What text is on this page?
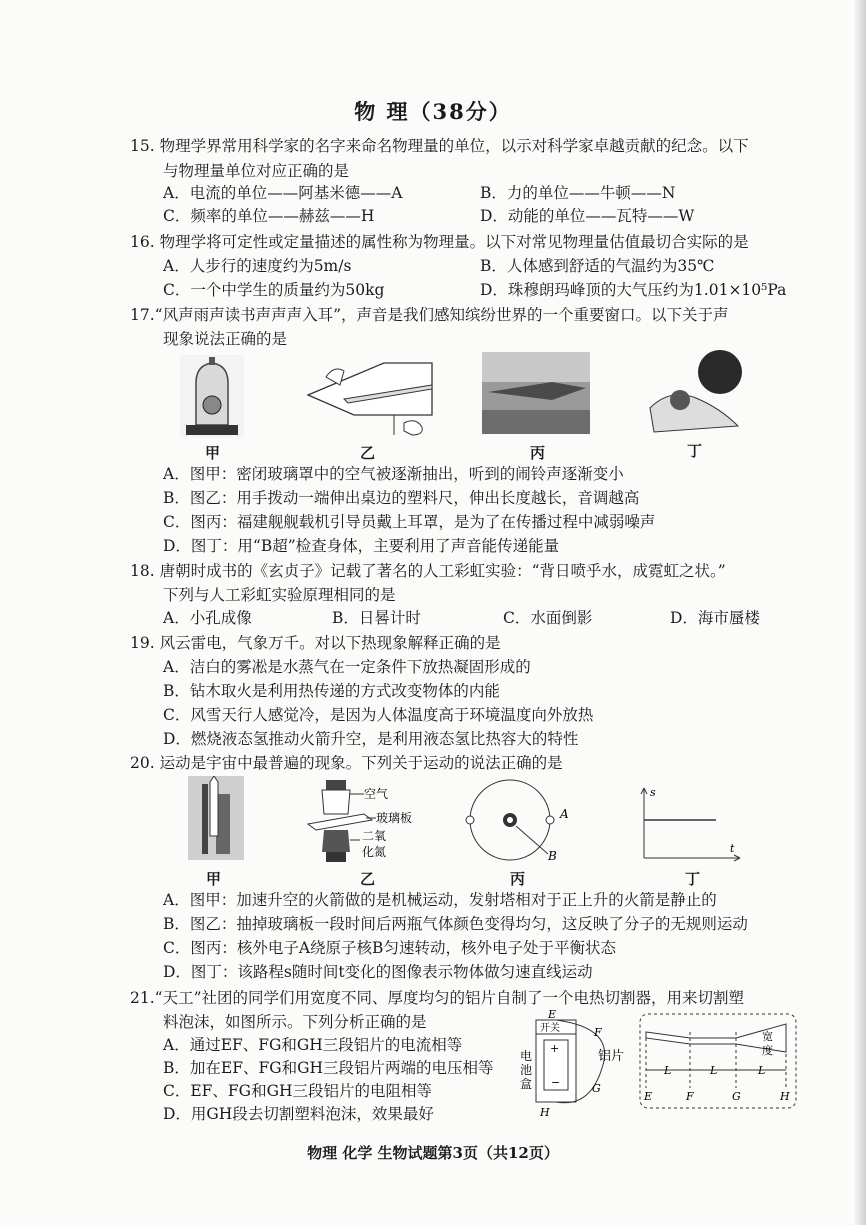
物 理（38分）
15. 物理学界常用科学家的名字来命名物理量的单位，以示对科学家卓越贡献的纪念。以下
与物理量单位对应正确的是
A．电流的单位——阿基米德——A	B．力的单位——牛顿——N
C．频率的单位——赫兹——H	D．动能的单位——瓦特——W
16. 物理学将可定性或定量描述的属性称为物理量。以下对常见物理量估值最切合实际的是
A．人步行的速度约为5m/s	B．人体感到舒适的气温约为35℃
C．一个中学生的质量约为50kg	D．珠穆朗玛峰顶的大气压约为1.01×10⁵Pa
17.“风声雨声读书声声声入耳”，声音是我们感知缤纷世界的一个重要窗口。以下关于声
现象说法正确的是
甲	乙	丙	丁
A．图甲：密闭玻璃罩中的空气被逐渐抽出，听到的闹铃声逐渐变小
B．图乙：用手拨动一端伸出桌边的塑料尺，伸出长度越长，音调越高
C．图丙：福建舰舰载机引导员戴上耳罩，是为了在传播过程中减弱噪声
D．图丁：用“B超”检查身体，主要利用了声音能传递能量
18. 唐朝时成书的《玄贞子》记载了著名的人工彩虹实验：“背日喷乎水，成霓虹之状。”
下列与人工彩虹实验原理相同的是
A．小孔成像	B．日晷计时	C．水面倒影	D．海市蜃楼
19. 风云雷电，气象万千。对以下热现象解释正确的是
A．洁白的雾凇是水蒸气在一定条件下放热凝固形成的
B．钻木取火是利用热传递的方式改变物体的内能
C．风雪天行人感觉冷，是因为人体温度高于环境温度向外放热
D．燃烧液态氢推动火箭升空，是利用液态氢比热容大的特性
20. 运动是宇宙中最普遍的现象。下列关于运动的说法正确的是
空气
玻璃板
二氧
化氮
A
B
s
t
甲	乙	丙	丁
A．图甲：加速升空的火箭做的是机械运动，发射塔相对于正上升的火箭是静止的
B．图乙：抽掉玻璃板一段时间后两瓶气体颜色变得均匀，这反映了分子的无规则运动
C．图丙：核外电子A绕原子核B匀速转动，核外电子处于平衡状态
D．图丁：该路程s随时间t变化的图像表示物体做匀速直线运动
21.“天工”社团的同学们用宽度不同、厚度均匀的铝片自制了一个电热切割器，用来切割塑
料泡沫，如图所示。下列分析正确的是
A．通过EF、FG和GH三段铝片的电流相等
B．加在EF、FG和GH三段铝片两端的电压相等
C．EF、FG和GH三段铝片的电阻相等
D．用GH段去切割塑料泡沫，效果最好
开关
+
−
电
池
盒
E
F
G
H
铝片
L	L	L
宽
度
E	F	G	H
物理 化学 生物试题第3页（共12页）
